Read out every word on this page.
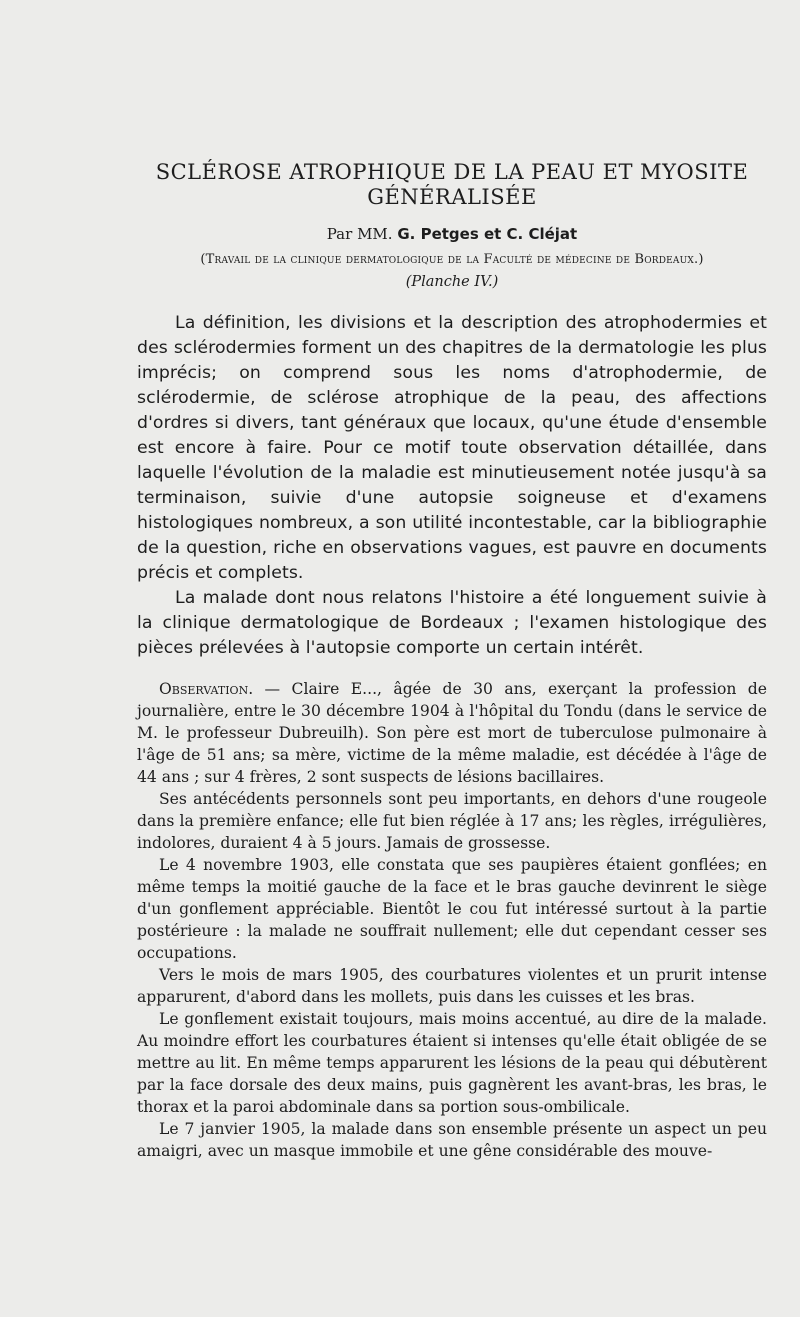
SCLÉROSE ATROPHIQUE DE LA PEAU ET MYOSITE
GÉNÉRALISÉE
Par MM. G. Petges et C. Cléjat
(Travail de la clinique dermatologique de la Faculté de médecine de Bordeaux.)
(Planche IV.)

La définition, les divisions et la description des atrophodermies et des sclérodermies forment un des chapitres de la dermatologie les plus imprécis; on comprend sous les noms d'atrophodermie, de sclérodermie, de sclérose atrophique de la peau, des affections d'ordres si divers, tant généraux que locaux, qu'une étude d'ensemble est encore à faire. Pour ce motif toute observation détaillée, dans laquelle l'évolution de la maladie est minutieusement notée jusqu'à sa terminaison, suivie d'une autopsie soigneuse et d'examens histologiques nombreux, a son utilité incontestable, car la bibliographie de la question, riche en observations vagues, est pauvre en documents précis et complets.

La malade dont nous relatons l'histoire a été longuement suivie à la clinique dermatologique de Bordeaux ; l'examen histologique des pièces prélevées à l'autopsie comporte un certain intérêt.

Observation. — Claire E..., âgée de 30 ans, exerçant la profession de journalière, entre le 30 décembre 1904 à l'hôpital du Tondu (dans le service de M. le professeur Dubreuilh). Son père est mort de tuberculose pulmonaire à l'âge de 51 ans; sa mère, victime de la même maladie, est décédée à l'âge de 44 ans ; sur 4 frères, 2 sont suspects de lésions bacillaires.

Ses antécédents personnels sont peu importants, en dehors d'une rougeole dans la première enfance; elle fut bien réglée à 17 ans; les règles, irrégulières, indolores, duraient 4 à 5 jours. Jamais de grossesse.

Le 4 novembre 1903, elle constata que ses paupières étaient gonflées; en même temps la moitié gauche de la face et le bras gauche devinrent le siège d'un gonflement appréciable. Bientôt le cou fut intéressé surtout à la partie postérieure : la malade ne souffrait nullement; elle dut cependant cesser ses occupations.

Vers le mois de mars 1905, des courbatures violentes et un prurit intense apparurent, d'abord dans les mollets, puis dans les cuisses et les bras.

Le gonflement existait toujours, mais moins accentué, au dire de la malade. Au moindre effort les courbatures étaient si intenses qu'elle était obligée de se mettre au lit. En même temps apparurent les lésions de la peau qui débutèrent par la face dorsale des deux mains, puis gagnèrent les avant-bras, les bras, le thorax et la paroi abdominale dans sa portion sous-ombilicale.

Le 7 janvier 1905, la malade dans son ensemble présente un aspect un peu amaigri, avec un masque immobile et une gêne considérable des mouve-
